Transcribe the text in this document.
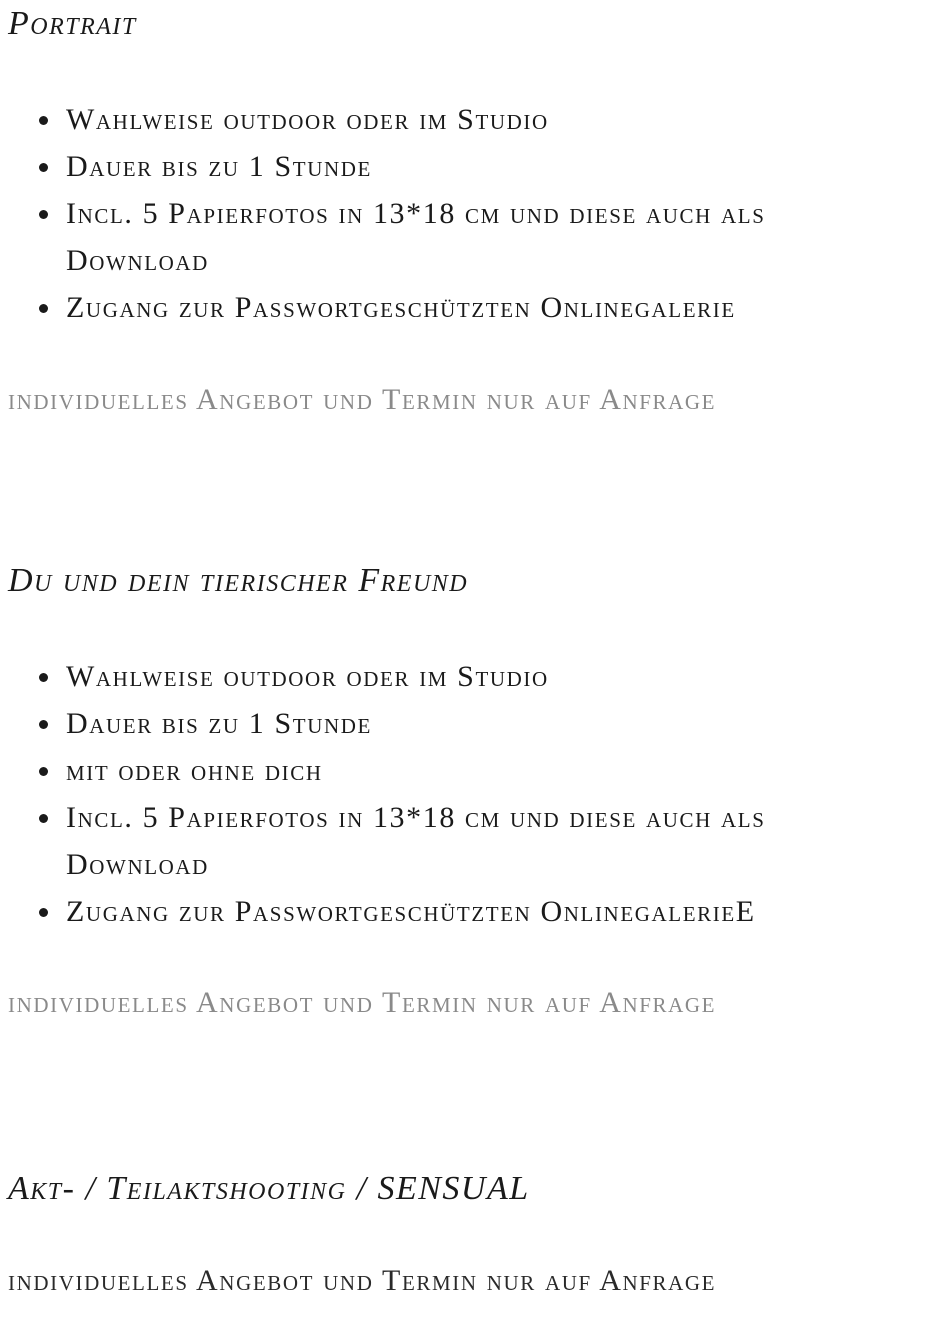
Portrait
Wahlweise outdoor oder im Studio
Dauer bis zu 1 Stunde
Incl. 5 Papierfotos in 13*18 cm und diese auch als Download
Zugang zur Passwortgeschützten Onlinegalerie

individuelles Angebot und Termin nur auf Anfrage

Du und dein tierischer Freund
Wahlweise outdoor oder im Studio
Dauer bis zu 1 Stunde
mit oder ohne dich
Incl. 5 Papierfotos in 13*18 cm und diese auch als Download
Zugang zur Passwortgeschützten OnlinegalerieE

individuelles Angebot und Termin nur auf Anfrage

Akt- / Teilaktshooting / SENSUAL

individuelles Angebot und Termin nur auf Anfrage
